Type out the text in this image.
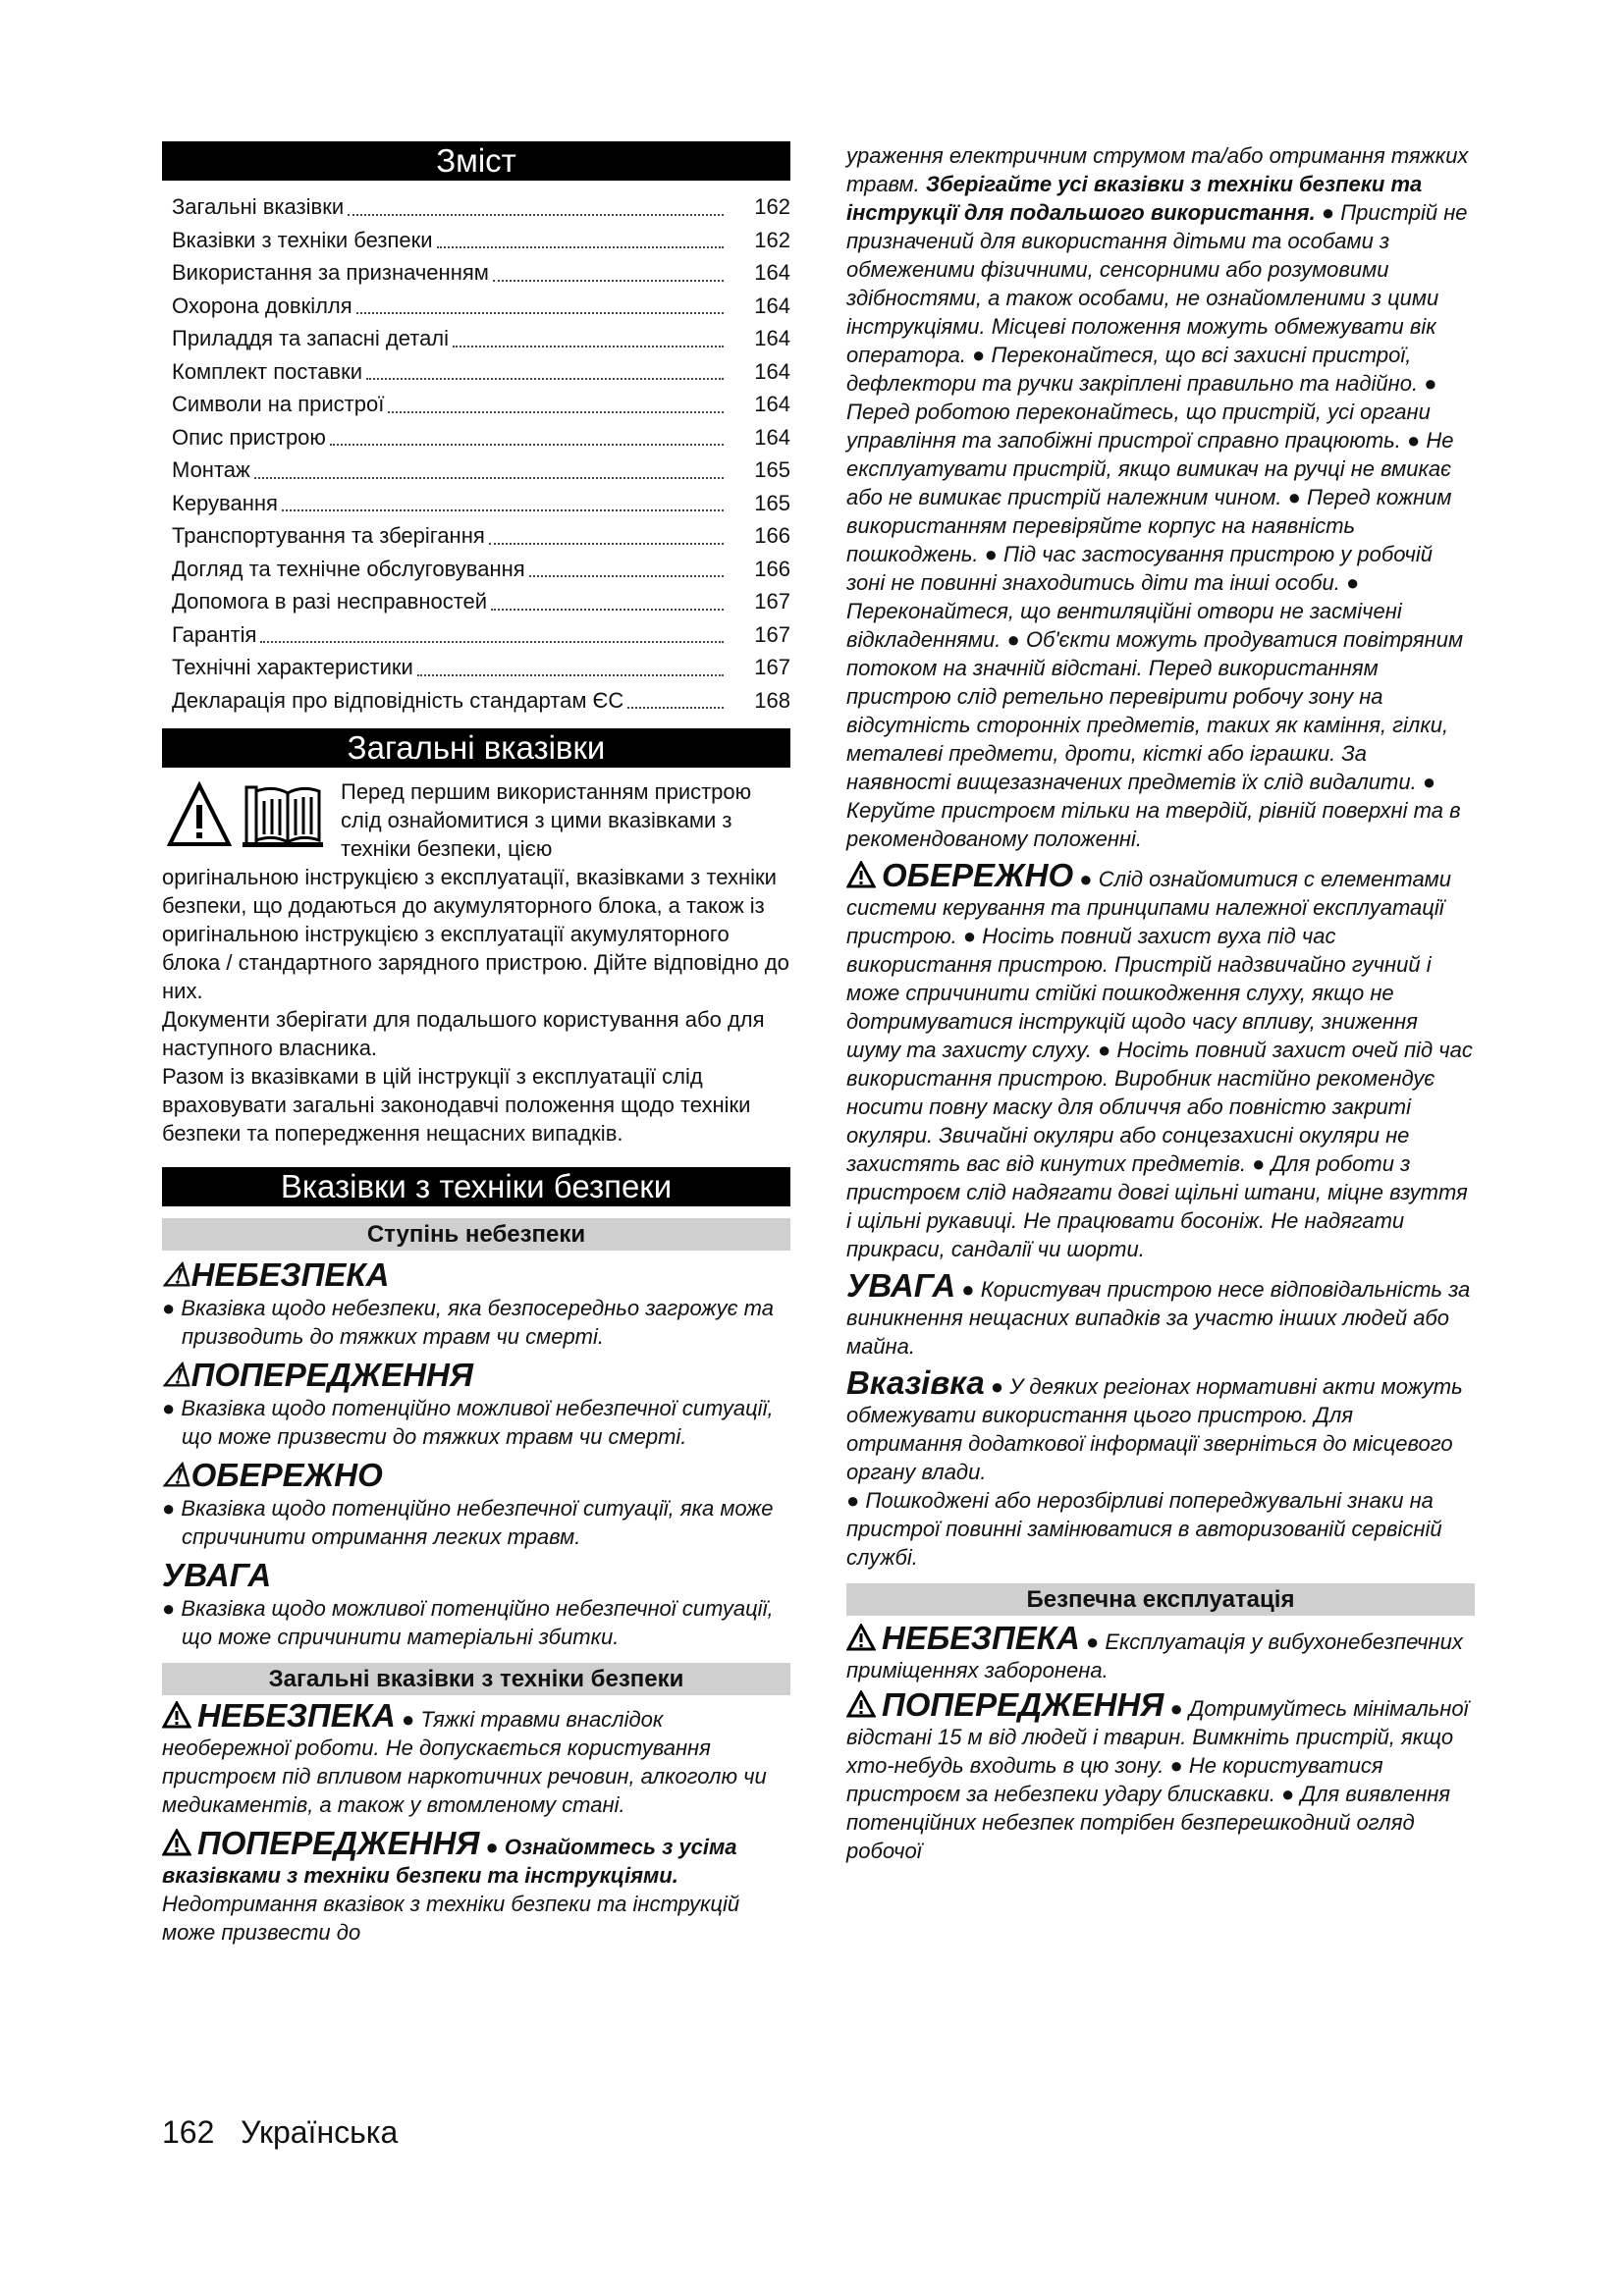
Зміст
Загальні вказівки	162
Вказівки з техніки безпеки	162
Використання за призначенням	164
Охорона довкілля	164
Приладдя та запасні деталі	164
Комплект поставки	164
Символи на пристрої	164
Опис пристрою	164
Монтаж	165
Керування	165
Транспортування та зберігання	166
Догляд та технічне обслуговування	166
Допомога в разі несправностей	167
Гарантія	167
Технічні характеристики	167
Декларація про відповідність стандартам ЄС	168
Загальні вказівки
Перед першим використанням пристрою слід ознайомитися з цими вказівками з техніки безпеки, цією
оригінальною інструкцією з експлуатації, вказівками з техніки безпеки, що додаються до акумуляторного блока, а також із оригінальною інструкцією з експлуатації акумуляторного блока / стандартного зарядного пристрою. Дійте відповідно до них.
Документи зберігати для подальшого користування або для наступного власника.
Разом із вказівками в цій інструкції з експлуатації слід враховувати загальні законодавчі положення щодо техніки безпеки та попередження нещасних випадків.
Вказівки з техніки безпеки
Ступінь небезпеки
⚠НЕБЕЗПЕКА
● Вказівка щодо небезпеки, яка безпосередньо загрожує та призводить до тяжких травм чи смерті.
⚠ПОПЕРЕДЖЕННЯ
● Вказівка щодо потенційно можливої небезпечної ситуації, що може призвести до тяжких травм чи смерті.
⚠ОБЕРЕЖНО
● Вказівка щодо потенційно небезпечної ситуації, яка може спричинити отримання легких травм.
УВАГА
● Вказівка щодо можливої потенційно небезпечної ситуації, що може спричинити матеріальні збитки.
Загальні вказівки з техніки безпеки
НЕБЕЗПЕКА ● Тяжкі травми внаслідок необережної роботи. Не допускається користування пристроєм під впливом наркотичних речовин, алкоголю чи медикаментів, а також у втомленому стані.
ПОПЕРЕДЖЕННЯ ● Ознайомтесь з усіма вказівками з техніки безпеки та інструкціями. Недотримання вказівок з техніки безпеки та інструкцій може призвести до
ураження електричним струмом та/або отримання тяжких травм. Зберігайте усі вказівки з техніки безпеки та інструкції для подальшого використання. ● Пристрій не призначений для використання дітьми та особами з обмеженими фізичними, сенсорними або розумовими здібностями, а також особами, не ознайомленими з цими інструкціями. Місцеві положення можуть обмежувати вік оператора. ● Переконайтеся, що всі захисні пристрої, дефлектори та ручки закріплені правильно та надійно. ● Перед роботою переконайтесь, що пристрій, усі органи управління та запобіжні пристрої справно працюють. ● Не експлуатувати пристрій, якщо вимикач на ручці не вмикає або не вимикає пристрій належним чином. ● Перед кожним використанням перевіряйте корпус на наявність пошкоджень. ● Під час застосування пристрою у робочій зоні не повинні знаходитись діти та інші особи. ● Переконайтеся, що вентиляційні отвори не засмічені відкладеннями. ● Об'єкти можуть продуватися повітряним потоком на значній відстані. Перед використанням пристрою слід ретельно перевірити робочу зону на відсутність сторонніх предметів, таких як каміння, гілки, металеві предмети, дроти, кісткі або іграшки. За наявності вищезазначених предметів їх слід видалити. ● Керуйте пристроєм тільки на твердій, рівній поверхні та в рекомендованому положенні.
ОБЕРЕЖНО ● Слід ознайомитися с елементами системи керування та принципами належної експлуатації пристрою. ● Носіть повний захист вуха під час використання пристрою. Пристрій надзвичайно гучний і може спричинити стійкі пошкодження слуху, якщо не дотримуватися інструкцій щодо часу впливу, зниження шуму та захисту слуху. ● Носіть повний захист очей під час використання пристрою. Виробник настійно рекомендує носити повну маску для обличчя або повністю закриті окуляри. Звичайні окуляри або сонцезахисні окуляри не захистять вас від кинутих предметів. ● Для роботи з пристроєм слід надягати довгі щільні штани, міцне взуття і щільні рукавиці. Не працювати босоніж. Не надягати прикраси, сандалії чи шорти.
УВАГА ● Користувач пристрою несе відповідальність за виникнення нещасних випадків за участю інших людей або майна.
Вказівка ● У деяких регіонах нормативні акти можуть обмежувати використання цього пристрою. Для отримання додаткової інформації зверніться до місцевого органу влади.
● Пошкоджені або нерозбірливі попереджувальні знаки на пристрої повинні замінюватися в авторизованій сервісній службі.
Безпечна експлуатація
НЕБЕЗПЕКА ● Експлуатація у вибухонебезпечних приміщеннях заборонена.
ПОПЕРЕДЖЕННЯ ● Дотримуйтесь мінімальної відстані 15 м від людей і тварин. Вимкніть пристрій, якщо хто-небудь входить в цю зону. ● Не користуватися пристроєм за небезпеки удару блискавки. ● Для виявлення потенційних небезпек потрібен безперешкодний огляд робочої
162 Українська
